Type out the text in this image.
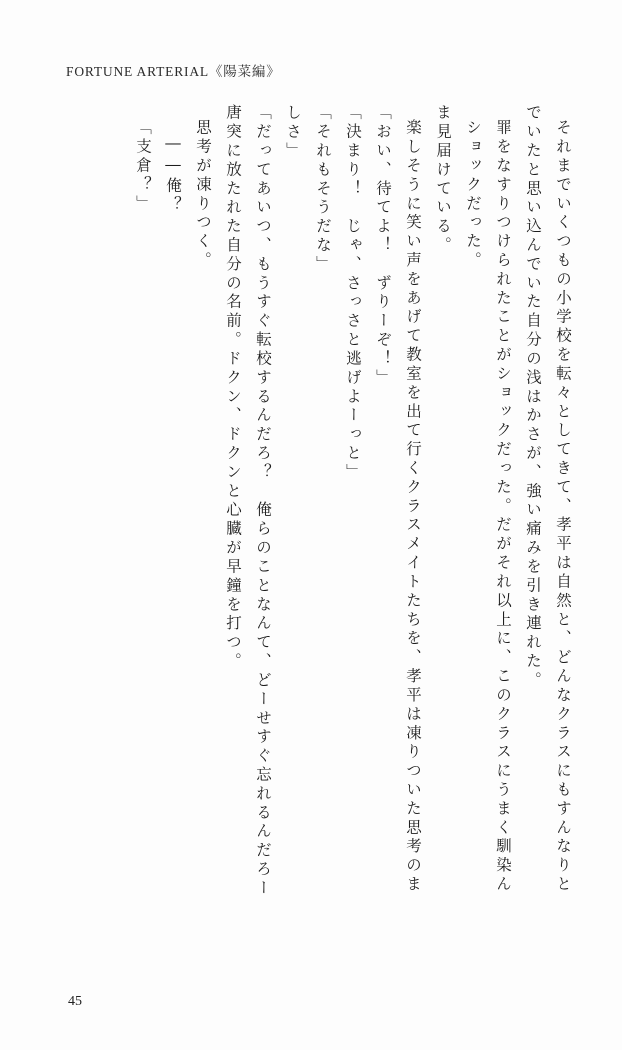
FORTUNE ARTERIAL《陽菜編》
「支倉？」 ――俺？ 思考が凍りつく。 唐突に放たれた自分の名前。ドクン、ドクンと心臓が早鐘を打つ。 「だってあいつ、もうすぐ転校するんだろ？　俺らのことなんて、どーせすぐ忘れるんだろー しさ」 「それもそうだな」 「決まり！　じゃ、さっさと逃げよーっと」 「おい、待てよ！　ずりーぞ！」 楽しそうに笑い声をあげて教室を出て行くクラスメイトたちを、孝平は凍りついた思考のま ま見届けている。 ショックだった。 罪をなすりつけられたことがショックだった。だがそれ以上に、このクラスにうまく馴染ん でいたと思い込んでいた自分の浅はかさが、強い痛みを引き連れた。 それまでいくつもの小学校を転々としてきて、孝平は自然と、どんなクラスにもすんなりと
45
